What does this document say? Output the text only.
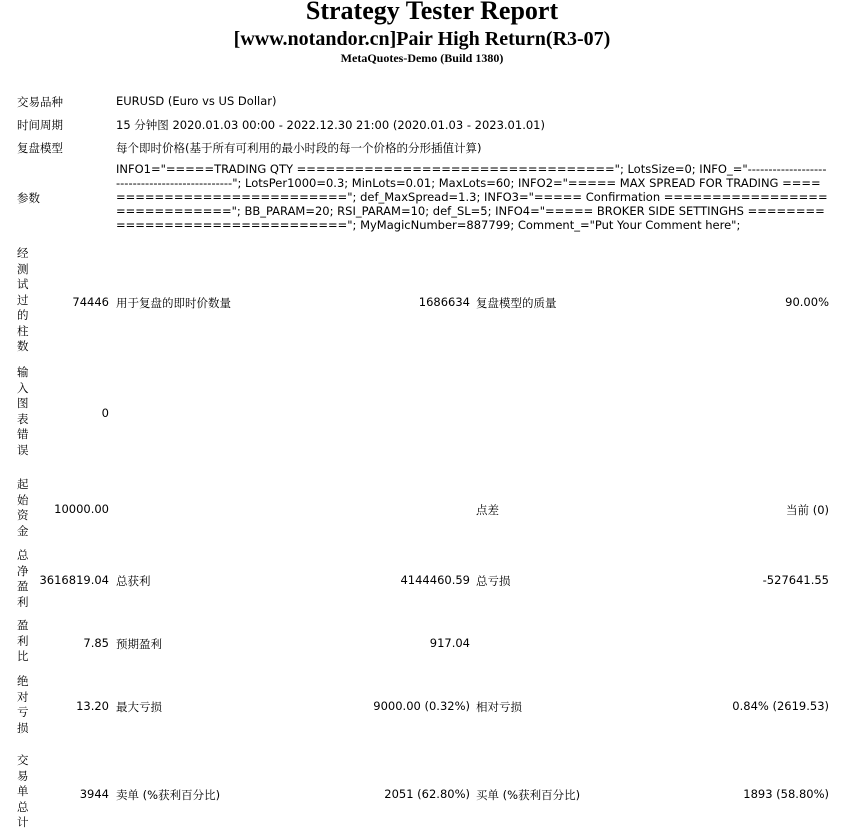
Strategy Tester Report
[www.notandor.cn]Pair High Return(R3-07)
MetaQuotes-Demo (Build 1380)
交易品种	EURUSD (Euro vs US Dollar)
时间周期	15 分钟图 2020.01.03 00:00 - 2022.12.30 21:00 (2020.01.03 - 2023.01.01)
复盘模型	每个即时价格(基于所有可利用的最小时段的每一个价格的分形插值计算)
参数
INFO1="=====TRADING QTY ================================="; LotsSize=0; INFO_="-----------------------------------------------"; LotsPer1000=0.3; MinLots=0.01; MaxLots=60; INFO2="===== MAX SPREAD FOR TRADING ============================"; def_MaxSpread=1.3; INFO3="===== Confirmation ============================="; BB_PARAM=20; RSI_PARAM=10; def_SL=5; INFO4="===== BROKER SIDE SETTINGHS ================================"; MyMagicNumber=887799; Comment_="Put Your Comment here";
经测试过的柱数
74446 用于复盘的即时价数量	1686634 复盘模型的质量	90.00%
输入图表错误
0
起始资金
10000.00	点差	当前 (0)
总净盈利
3616819.04 总获利	4144460.59 总亏损	-527641.55
盈利比
7.85 预期盈利	917.04
绝对亏损
13.20 最大亏损	9000.00 (0.32%) 相对亏损	0.84% (2619.53)
交易单总计
3944 卖单 (%获利百分比)	2051 (62.80%) 买单 (%获利百分比)	1893 (58.80%)
